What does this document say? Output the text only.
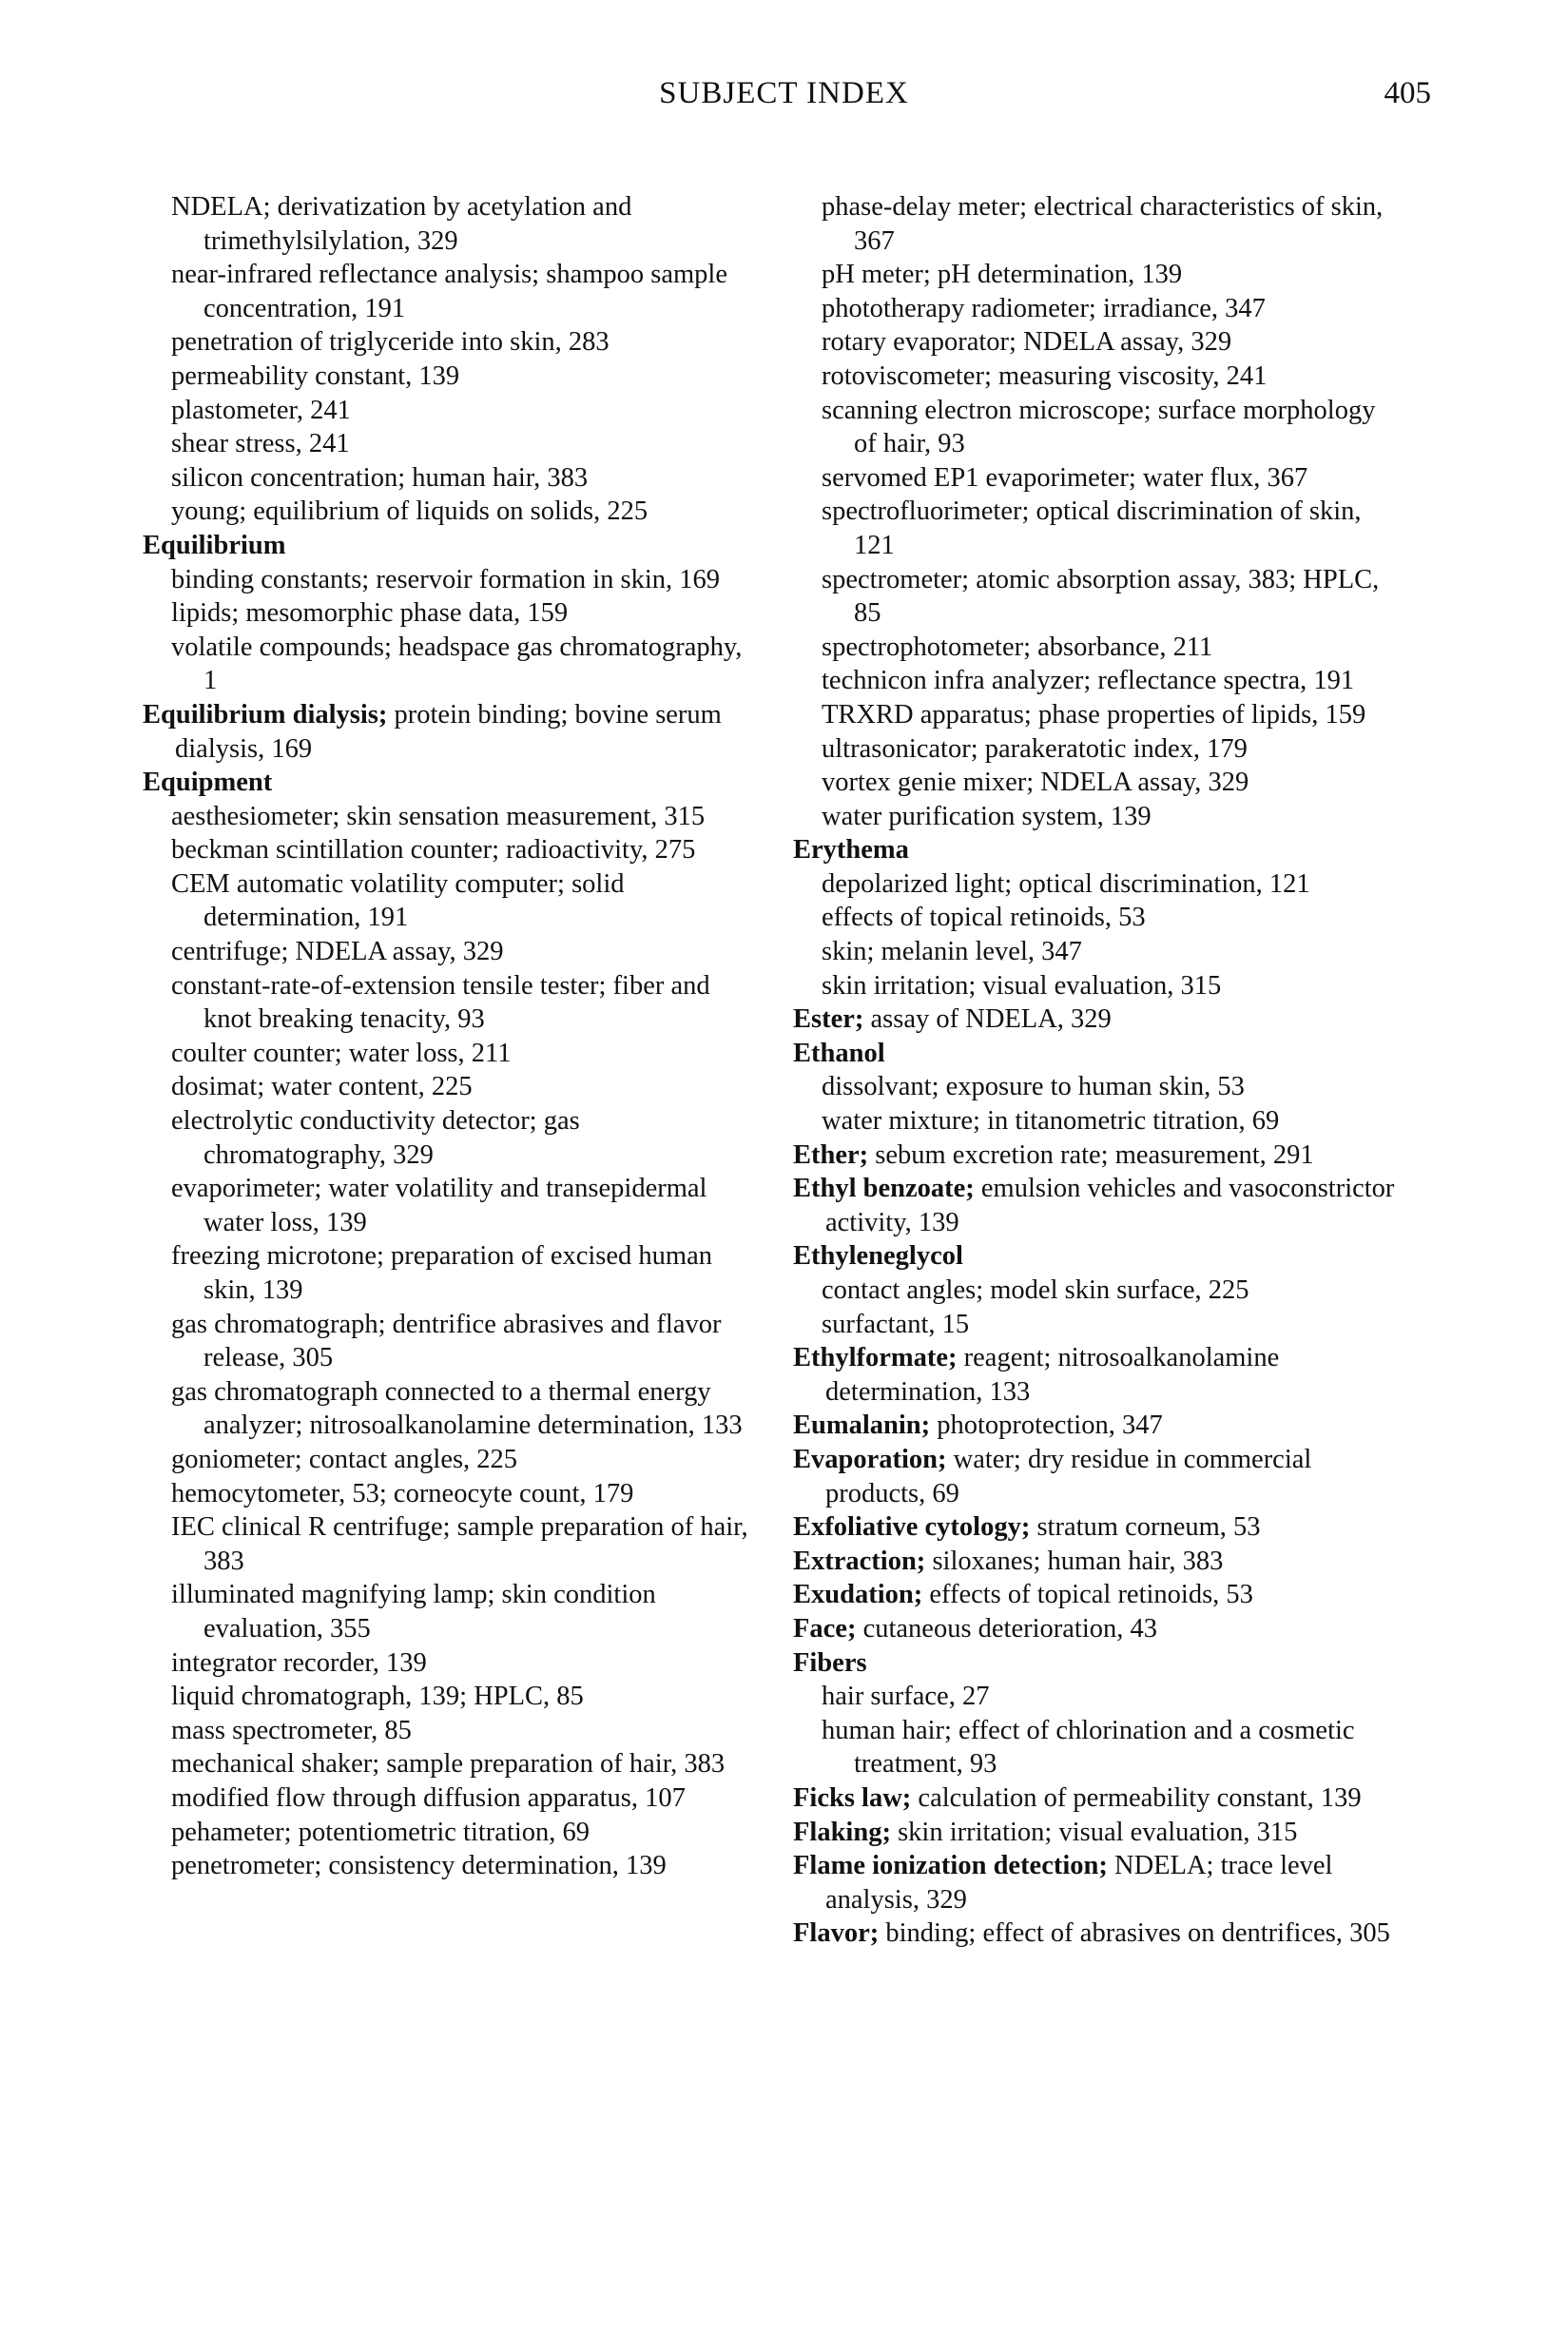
SUBJECT INDEX	405
NDELA; derivatization by acetylation and trimethylsilylation, 329
near-infrared reflectance analysis; shampoo sample concentration, 191
penetration of triglyceride into skin, 283
permeability constant, 139
plastometer, 241
shear stress, 241
silicon concentration; human hair, 383
young; equilibrium of liquids on solids, 225
Equilibrium
binding constants; reservoir formation in skin, 169
lipids; mesomorphic phase data, 159
volatile compounds; headspace gas chromatography, 1
Equilibrium dialysis; protein binding; bovine serum dialysis, 169
Equipment
aesthesiometer; skin sensation measurement, 315
beckman scintillation counter; radioactivity, 275
CEM automatic volatility computer; solid determination, 191
centrifuge; NDELA assay, 329
constant-rate-of-extension tensile tester; fiber and knot breaking tenacity, 93
coulter counter; water loss, 211
dosimat; water content, 225
electrolytic conductivity detector; gas chromatography, 329
evaporimeter; water volatility and transepidermal water loss, 139
freezing microtone; preparation of excised human skin, 139
gas chromatograph; dentrifice abrasives and flavor release, 305
gas chromatograph connected to a thermal energy analyzer; nitrosoalkanolamine determination, 133
goniometer; contact angles, 225
hemocytometer, 53; corneocyte count, 179
IEC clinical R centrifuge; sample preparation of hair, 383
illuminated magnifying lamp; skin condition evaluation, 355
integrator recorder, 139
liquid chromatograph, 139; HPLC, 85
mass spectrometer, 85
mechanical shaker; sample preparation of hair, 383
modified flow through diffusion apparatus, 107
pehameter; potentiometric titration, 69
penetrometer; consistency determination, 139
phase-delay meter; electrical characteristics of skin, 367
pH meter; pH determination, 139
phototherapy radiometer; irradiance, 347
rotary evaporator; NDELA assay, 329
rotoviscometer; measuring viscosity, 241
scanning electron microscope; surface morphology of hair, 93
servomed EP1 evaporimeter; water flux, 367
spectrofluorimeter; optical discrimination of skin, 121
spectrometer; atomic absorption assay, 383; HPLC, 85
spectrophotometer; absorbance, 211
technicon infra analyzer; reflectance spectra, 191
TRXRD apparatus; phase properties of lipids, 159
ultrasonicator; parakeratotic index, 179
vortex genie mixer; NDELA assay, 329
water purification system, 139
Erythema
depolarized light; optical discrimination, 121
effects of topical retinoids, 53
skin; melanin level, 347
skin irritation; visual evaluation, 315
Ester; assay of NDELA, 329
Ethanol
dissolvant; exposure to human skin, 53
water mixture; in titanometric titration, 69
Ether; sebum excretion rate; measurement, 291
Ethyl benzoate; emulsion vehicles and vasoconstrictor activity, 139
Ethyleneglycol
contact angles; model skin surface, 225
surfactant, 15
Ethylformate; reagent; nitrosoalkanolamine determination, 133
Eumalanin; photoprotection, 347
Evaporation; water; dry residue in commercial products, 69
Exfoliative cytology; stratum corneum, 53
Extraction; siloxanes; human hair, 383
Exudation; effects of topical retinoids, 53
Face; cutaneous deterioration, 43
Fibers
hair surface, 27
human hair; effect of chlorination and a cosmetic treatment, 93
Ficks law; calculation of permeability constant, 139
Flaking; skin irritation; visual evaluation, 315
Flame ionization detection; NDELA; trace level analysis, 329
Flavor; binding; effect of abrasives on dentrifices, 305
